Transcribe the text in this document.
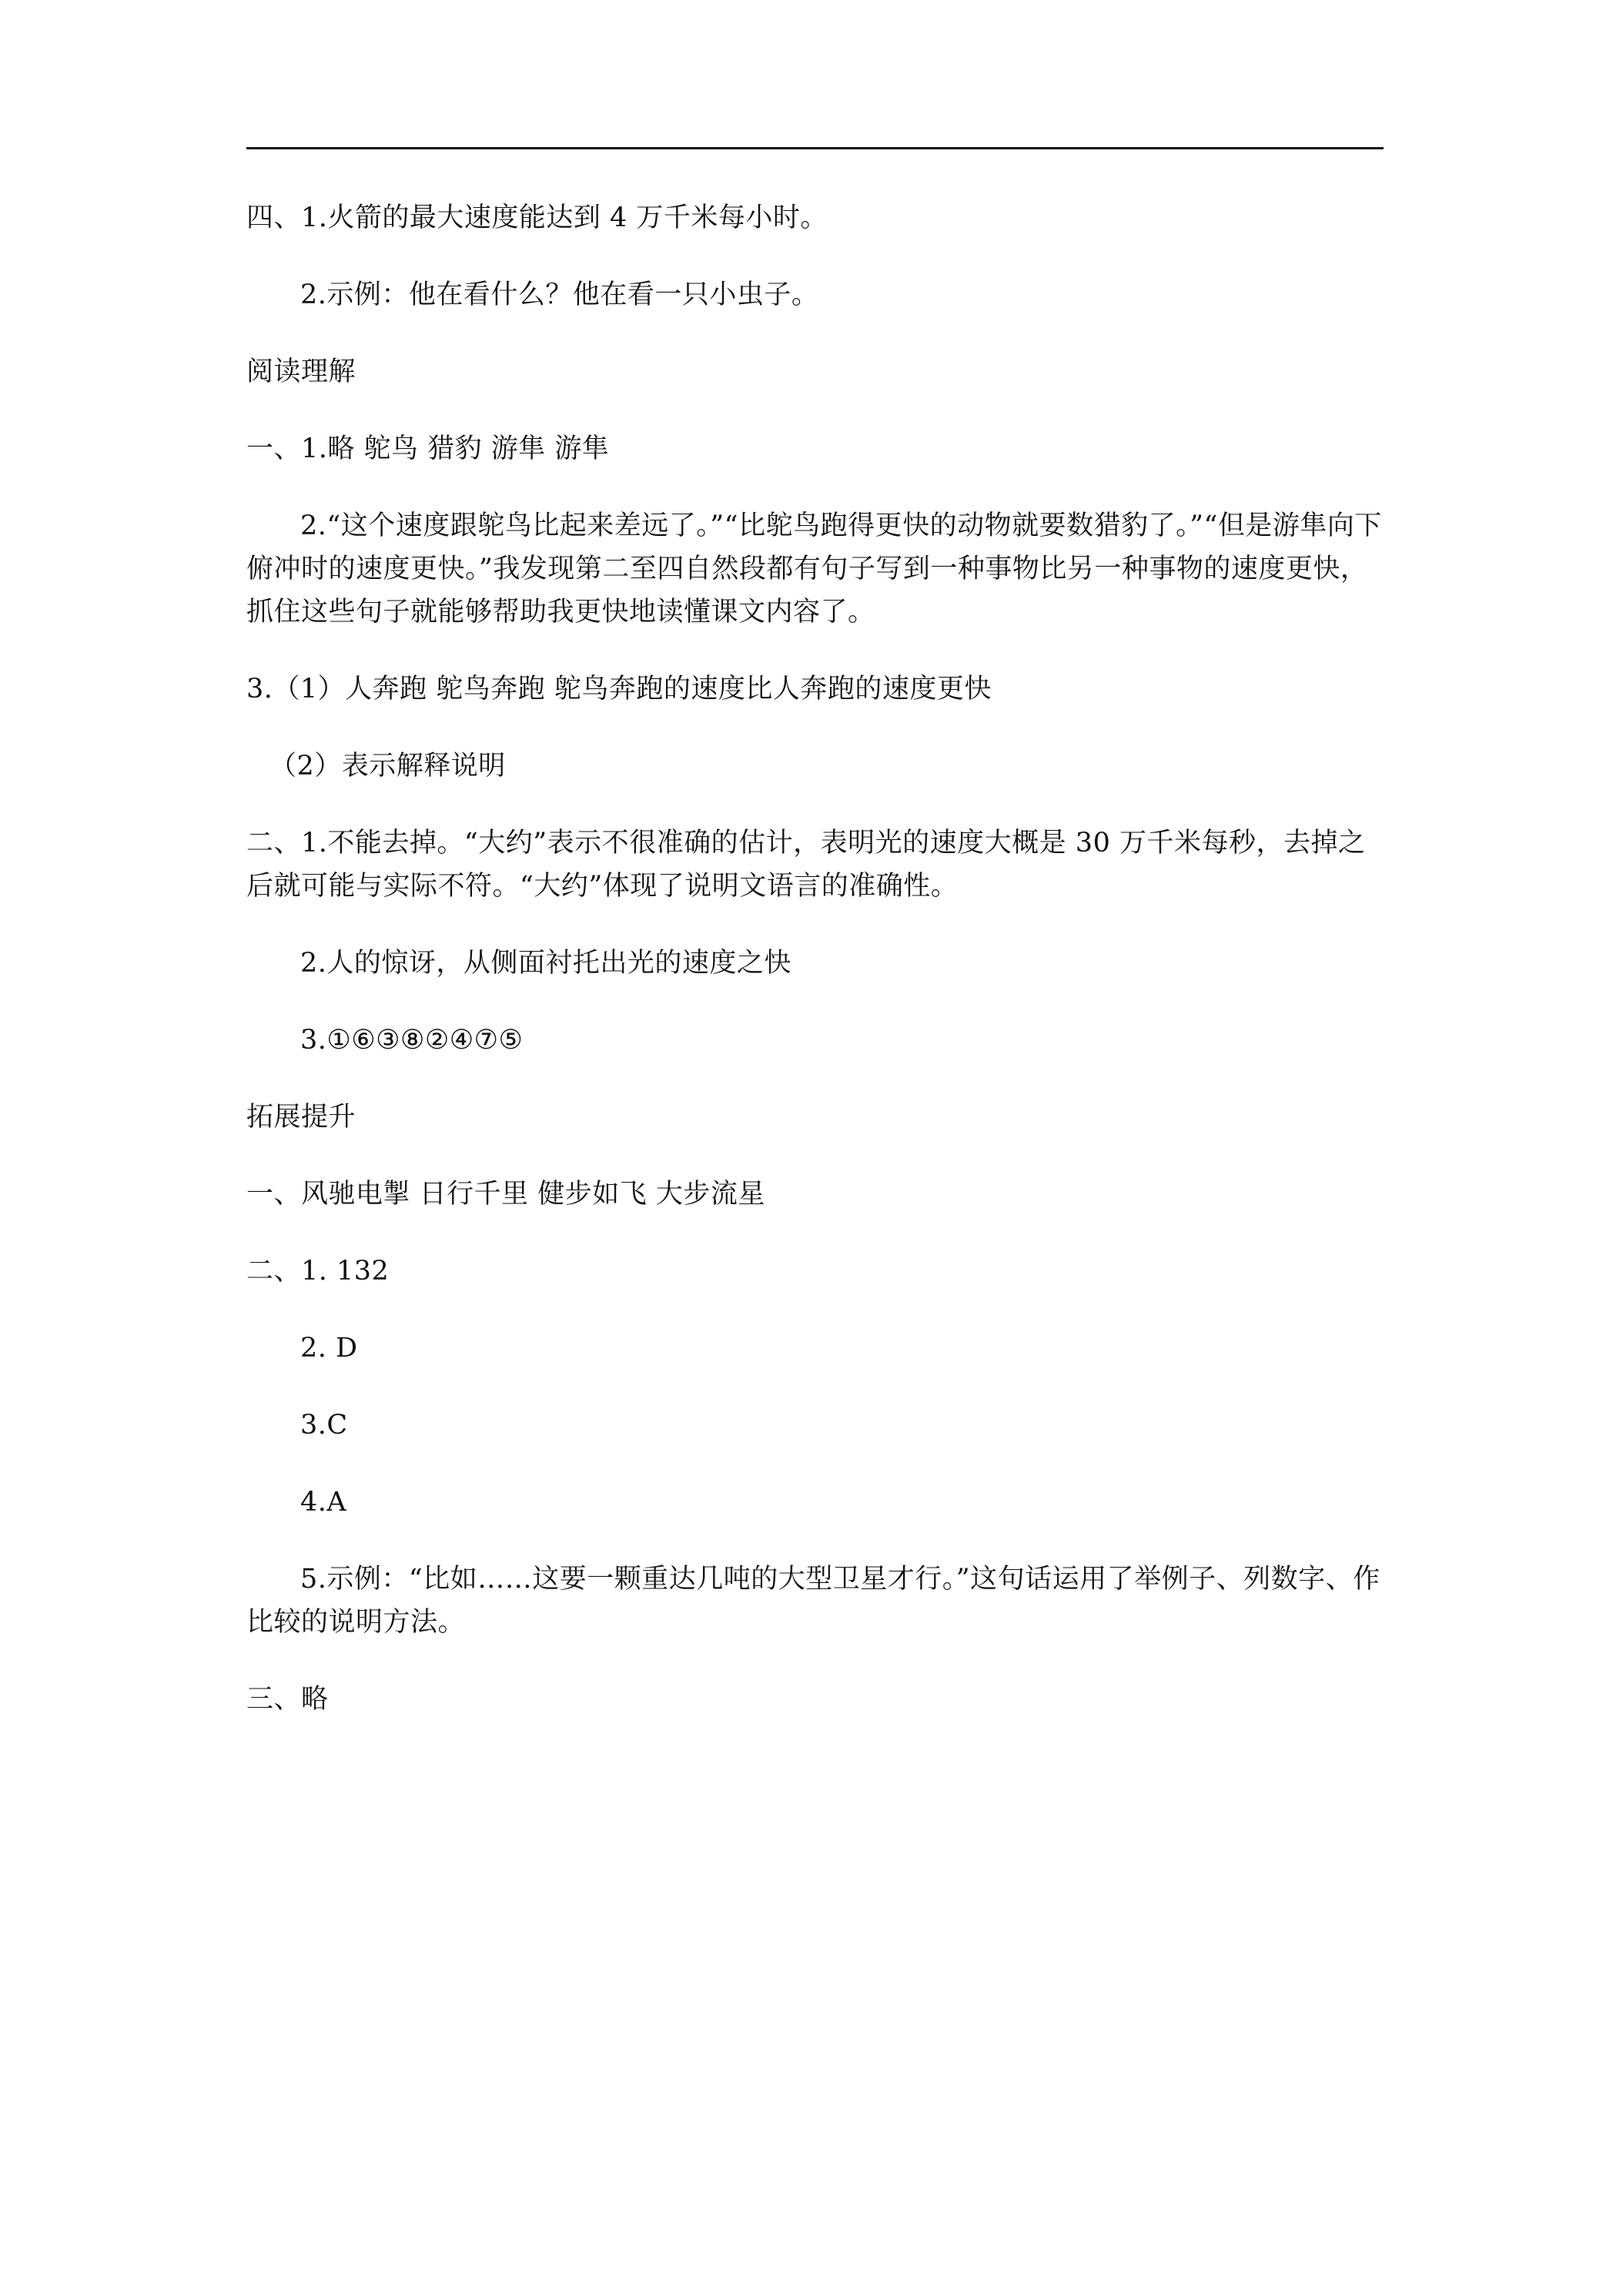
四、1.火箭的最大速度能达到 4 万千米每小时。

2.示例：他在看什么？他在看一只小虫子。

阅读理解

一、1.略 鸵鸟 猎豹 游隼 游隼

2.“这个速度跟鸵鸟比起来差远了。”“比鸵鸟跑得更快的动物就要数猎豹了。”“但是游隼向下俯冲时的速度更快。”我发现第二至四自然段都有句子写到一种事物比另一种事物的速度更快，抓住这些句子就能够帮助我更快地读懂课文内容了。

3.（1）人奔跑 鸵鸟奔跑 鸵鸟奔跑的速度比人奔跑的速度更快

（2）表示解释说明

二、1.不能去掉。“大约”表示不很准确的估计，表明光的速度大概是 30 万千米每秒，去掉之后就可能与实际不符。“大约”体现了说明文语言的准确性。

2.人的惊讶，从侧面衬托出光的速度之快

3.①⑥③⑧②④⑦⑤

拓展提升

一、风驰电掣 日行千里 健步如飞 大步流星

二、1. 132

2. D

3.C

4.A

5.示例：“比如……这要一颗重达几吨的大型卫星才行。”这句话运用了举例子、列数字、作比较的说明方法。

三、略
